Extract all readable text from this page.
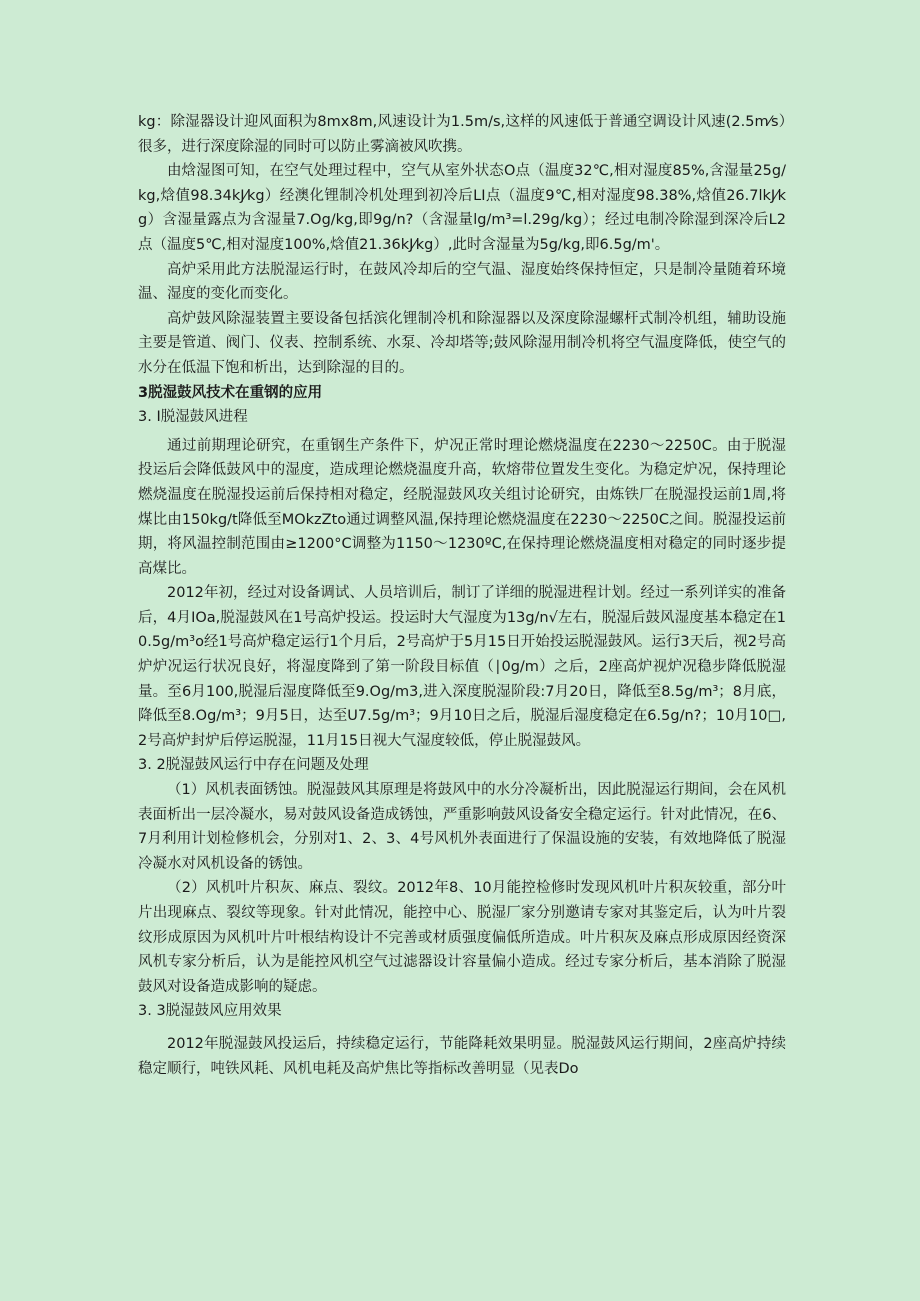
kg：除湿器设计迎风面积为8mx8m,风速设计为1.5m/s,这样的风速低于普通空调设计风速(2.5m⁄s）很多，进行深度除湿的同时可以防止雾滴被风吹携。

由焓湿图可知，在空气处理过程中，空气从室外状态O点（温度32℃,相对湿度85%,含湿量25g/kg,焓值98.34kJ⁄kg）经澳化锂制冷机处理到初冷后LI点（温度9℃,相对湿度98.38%,焓值26.7lkJ⁄kg）含湿量露点为含湿量7.Og/kg,即9g/n?（含湿量lg/m³=l.29g/kg）；经过电制冷除湿到深冷后L2点（温度5℃,相对湿度100%,焓值21.36kJ⁄kg）,此时含湿量为5g/kg,即6.5g/m'。

高炉采用此方法脱湿运行时，在鼓风冷却后的空气温、湿度始终保持恒定，只是制冷量随着环境温、湿度的变化而变化。

高炉鼓风除湿装置主要设备包括滨化锂制冷机和除湿器以及深度除湿螺杆式制冷机组，辅助设施主要是管道、阀门、仪表、控制系统、水泵、冷却塔等;鼓风除湿用制冷机将空气温度降低，使空气的水分在低温下饱和析出，达到除湿的目的。

3脱湿鼓风技术在重钢的应用

3. I脱湿鼓风进程

通过前期理论研究，在重钢生产条件下，炉况正常时理论燃烧温度在2230～2250C。由于脱湿投运后会降低鼓风中的湿度，造成理论燃烧温度升高，软熔带位置发生变化。为稳定炉况，保持理论燃烧温度在脱湿投运前后保持相对稳定，经脱湿鼓风攻关组讨论研究，由炼铁厂在脱湿投运前1周,将煤比由150kg/t降低至MOkzZto通过调整风温,保持理论燃烧温度在2230～2250C之间。脱湿投运前期，将风温控制范围由≥1200°C调整为1150～1230ºC,在保持理论燃烧温度相对稳定的同时逐步提高煤比。

2012年初，经过对设备调试、人员培训后，制订了详细的脱湿进程计划。经过一系列详实的准备后，4月IOa,脱湿鼓风在1号高炉投运。投运时大气湿度为13g∕n√左右，脱湿后鼓风湿度基本稳定在10.5g/m³o经1号高炉稳定运行1个月后，2号高炉于5月15日开始投运脱湿鼓风。运行3天后，视2号高炉炉况运行状况良好，将湿度降到了第一阶段目标值（∣0g∕m）之后，2座高炉视炉况稳步降低脱湿量。至6月100,脱湿后湿度降低至9.Og/m3,进入深度脱湿阶段:7月20日，降低至8.5g/m³；8月底，降低至8.Og/m³；9月5日，达至U7.5g/m³；9月10日之后，脱湿后湿度稳定在6.5g/n?；10月10□,2号高炉封炉后停运脱湿，11月15日视大气湿度较低，停止脱湿鼓风。

3. 2脱湿鼓风运行中存在问题及处理

（1）风机表面锈蚀。脱湿鼓风其原理是将鼓风中的水分冷凝析出，因此脱湿运行期间，会在风机表面析出一层冷凝水，易对鼓风设备造成锈蚀，严重影响鼓风设备安全稳定运行。针对此情况，在6、7月利用计划检修机会，分别对1、2、3、4号风机外表面进行了保温设施的安装，有效地降低了脱湿冷凝水对风机设备的锈蚀。

（2）风机叶片积灰、麻点、裂纹。2012年8、10月能控检修时发现风机叶片积灰较重，部分叶片出现麻点、裂纹等现象。针对此情况，能控中心、脱湿厂家分别邀请专家对其鉴定后，认为叶片裂纹形成原因为风机叶片叶根结构设计不完善或材质强度偏低所造成。叶片积灰及麻点形成原因经资深风机专家分析后，认为是能控风机空气过滤器设计容量偏小造成。经过专家分析后，基本消除了脱湿鼓风对设备造成影响的疑虑。

3. 3脱湿鼓风应用效果

2012年脱湿鼓风投运后，持续稳定运行，节能降耗效果明显。脱湿鼓风运行期间，2座高炉持续稳定顺行，吨铁风耗、风机电耗及高炉焦比等指标改善明显（见表Do
